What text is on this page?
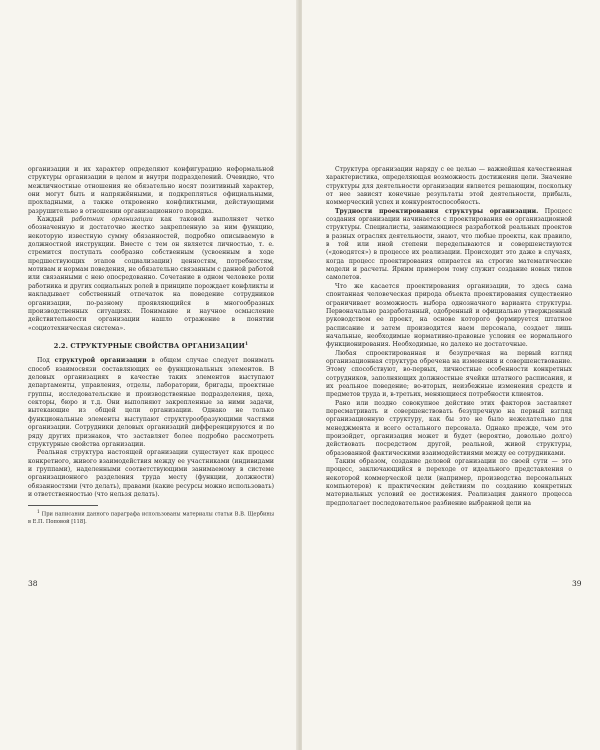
организации и их характер определяют конфигурацию неформальной структуры организации в целом и внутри подразделений. Очевидно, что межличностные отношения не обязательно носят позитивный характер, они могут быть и напряжёнными, и подкрепляться официальными, прохладными, а также откровенно конфликтными, действующими разрушительно в отношении организационного порядка.

Каждый работник организации как таковой выполняет четко обозначенную и достаточно жестко закрепленную за ним функцию, некоторую известную сумму обязанностей, подробно описываемую в должностной инструкции. Вместе с тем он является личностью, т. е. стремится поступать сообразно собственным (усвоенным в ходе предшествующих этапов социализации) ценностям, потребностям, мотивам и нормам поведения, не обязательно связанным с данной работой или связанными с нею опосредованно. Сочетание в одном человеке роли работника и других социальных ролей в принципе порождает конфликты и накладывает собственный отпечаток на поведение сотрудников организации, по-разному проявляющийся в многообразных производственных ситуациях. Понимание и научное осмысление действительности организации нашло отражение в понятии «социотехническая система».

2.2. СТРУКТУРНЫЕ СВОЙСТВА ОРГАНИЗАЦИИ$^1$

Под структурой организации в общем случае следует понимать способ взаимосвязи составляющих ее функциональных элементов. В деловых организациях в качестве таких элементов выступают департаменты, управления, отделы, лаборатории, бригады, проектные группы, исследовательские и производственные подразделения, цеха, секторы, бюро и т.д. Они выполняют закрепленные за ними задачи, вытекающие из общей цели организации. Однако не только функциональные элементы выступают структурообразующими частями организации. Сотрудники деловых организаций дифференцируются и по ряду других признаков, что заставляет более подробно рассмотреть структурные свойства организации.

Реальная структура настоящей организации существует как процесс конкретного, живого взаимодействия между ее участниками (индивидами и группами), наделенными соответствующими занимаемому в системе организационного разделения труда месту (функции, должности) обязанностями (что делать), правами (какие ресурсы можно использовать) и ответственностью (что нельзя делать).

$^1$ При написании данного параграфа использованы материалы статьи В.В. Щербины в Е.П. Поповой [118].

38

Структура организации наряду с ее целью — важнейшая качественная характеристика, определяющая возможность достижения цели. Значение структуры для деятельности организации является решающим, поскольку от нее зависят конечные результаты этой деятельности, прибыль, коммерческий успех и конкурентоспособность.

Трудности проектирования структуры организации. Процесс создания организации начинается с проектирования ее организационной структуры. Специалисты, занимающиеся разработкой реальных проектов в разных отраслях деятельности, знают, что любые проекты, как правило, в той или иной степени переделываются и совершенствуются («доводятся») в процессе их реализации. Происходит это даже в случаях, когда процесс проектирования опирается на строгие математические модели и расчеты. Ярким примером тому служит создание новых типов самолетов.

Что же касается проектирования организации, то здесь сама спонтанная человеческая природа объекта проектирования существенно ограничивает возможность выбора однозначного варианта структуры. Первоначально разработанный, одобренный и официально утвержденный руководством ее проект, на основе которого формируется штатное расписание и затем производится наем персонала, создает лишь начальные, необходимые нормативно-правовые условия ее нормального функционирования. Необходимые, но далеко не достаточные.

Любая спроектированная и безупречная на первый взгляд организационная структура обречена на изменения и совершенствование. Этому способствуют, во-первых, личностные особенности конкретных сотрудников, заполняющих должностные ячейки штатного расписания, и их реальное поведение; во-вторых, неизбежные изменения средств и предметов труда и, в-третьих, меняющиеся потребности клиентов.

Рано или поздно совокупное действие этих факторов заставляет пересматривать и совершенствовать безупречную на первый взгляд организационную структуру, как бы это не было нежелательно для менеджмента и всего остального персонала. Однако прежде, чем это произойдет, организация может и будет (вероятно, довольно долго) действовать посредством другой, реальной, живой структуры, образованной фактическими взаимодействиями между ее сотрудниками.

Таким образом, создание деловой организации по своей сути — это процесс, заключающийся в переходе от идеального представления о некоторой коммерческой цели (например, производства персональных компьютеров) к практическим действиям по созданию конкретных материальных условий ее достижения. Реализация данного процесса предполагает последовательное разбиение выбранной цели на

39
